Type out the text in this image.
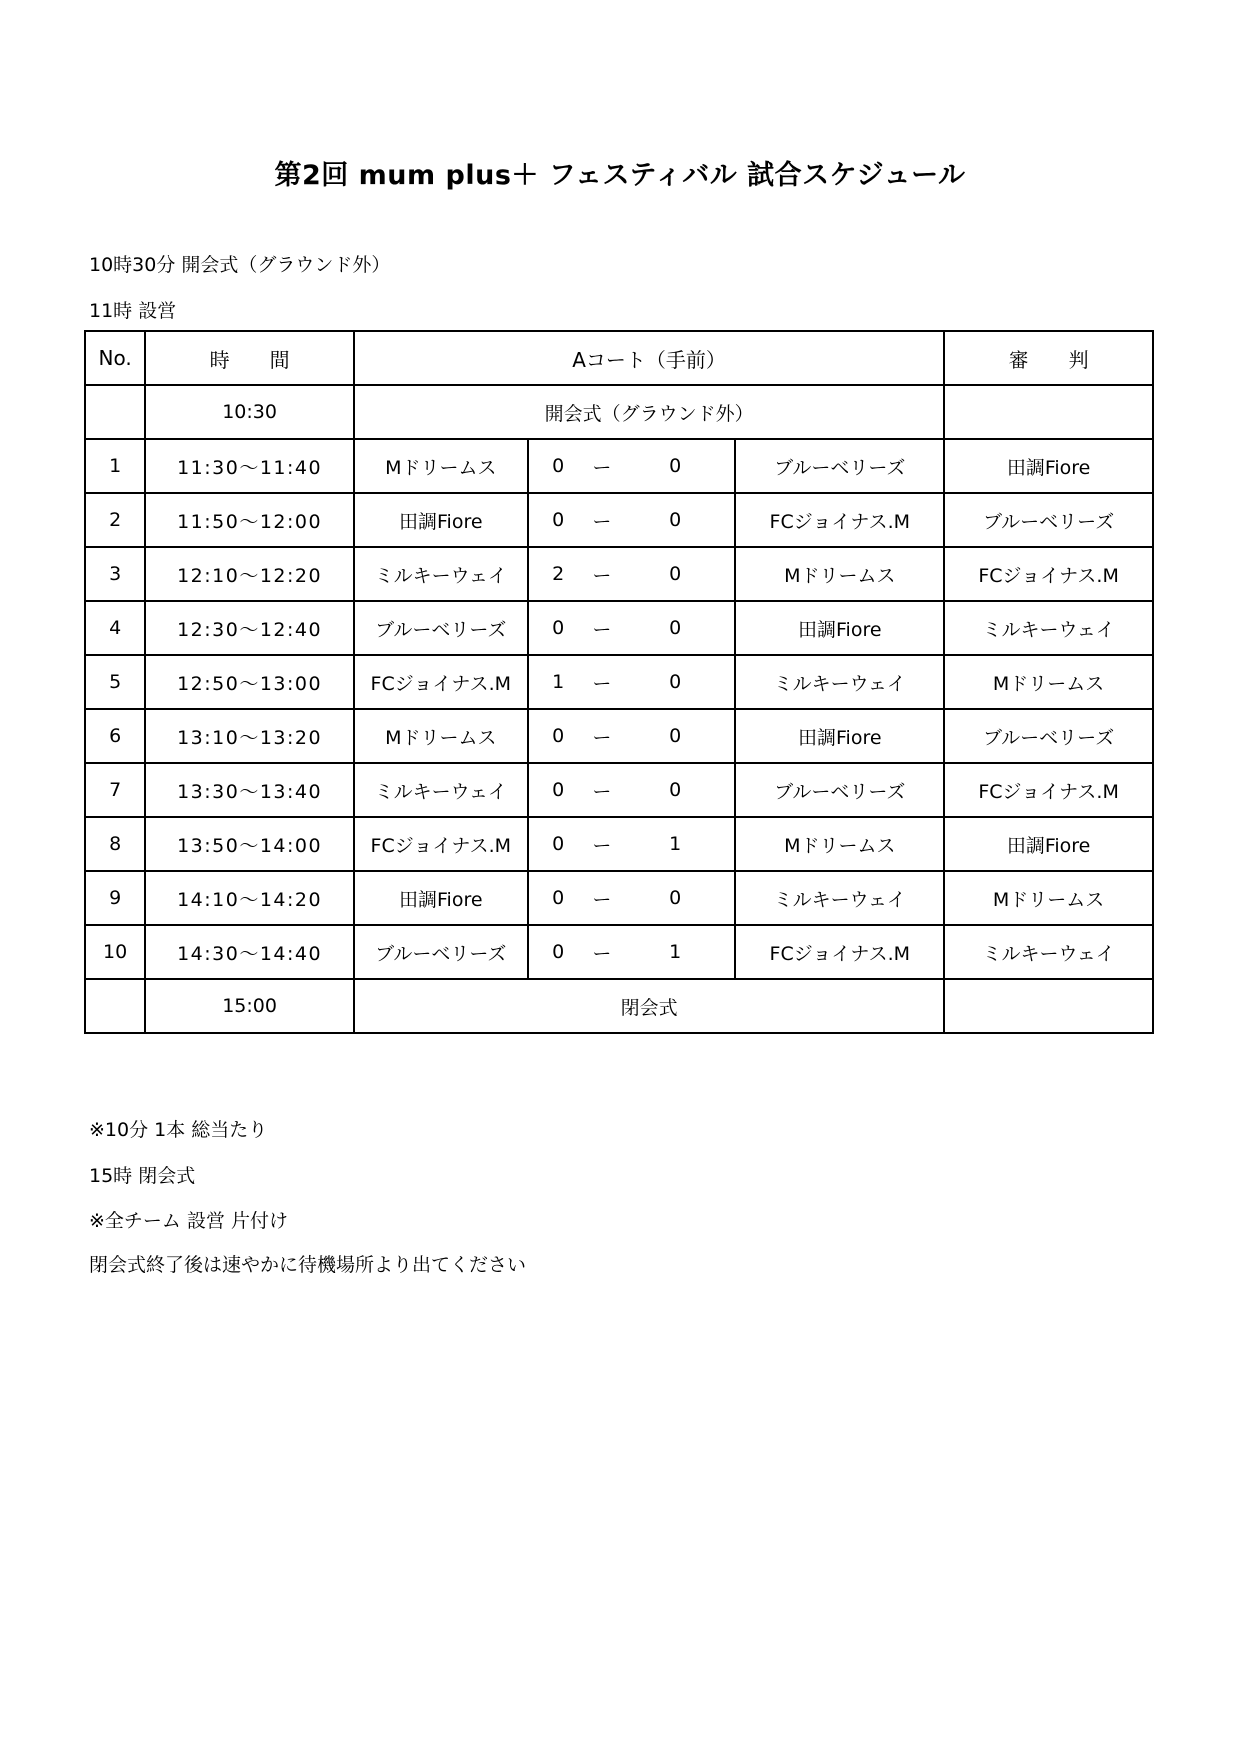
第2回 mum plus＋ フェスティバル 試合スケジュール
10時30分 開会式（グラウンド外）
11時 設営
No.	時　　間	Aコート（手前）					審　　判
	10:30	開会式（グラウンド外）					
1	11:30〜11:40	Mドリームス	0	ー	0	ブルーベリーズ	田調Fiore
2	11:50〜12:00	田調Fiore	0	ー	0	FCジョイナス.M	ブルーベリーズ
3	12:10〜12:20	ミルキーウェイ	2	ー	0	Mドリームス	FCジョイナス.M
4	12:30〜12:40	ブルーベリーズ	0	ー	0	田調Fiore	ミルキーウェイ
5	12:50〜13:00	FCジョイナス.M	1	ー	0	ミルキーウェイ	Mドリームス
6	13:10〜13:20	Mドリームス	0	ー	0	田調Fiore	ブルーベリーズ
7	13:30〜13:40	ミルキーウェイ	0	ー	0	ブルーベリーズ	FCジョイナス.M
8	13:50〜14:00	FCジョイナス.M	0	ー	1	Mドリームス	田調Fiore
9	14:10〜14:20	田調Fiore	0	ー	0	ミルキーウェイ	Mドリームス
10	14:30〜14:40	ブルーベリーズ	0	ー	1	FCジョイナス.M	ミルキーウェイ
	15:00	閉会式					
※10分 1本 総当たり
15時 閉会式
※全チーム 設営 片付け
閉会式終了後は速やかに待機場所より出てください
